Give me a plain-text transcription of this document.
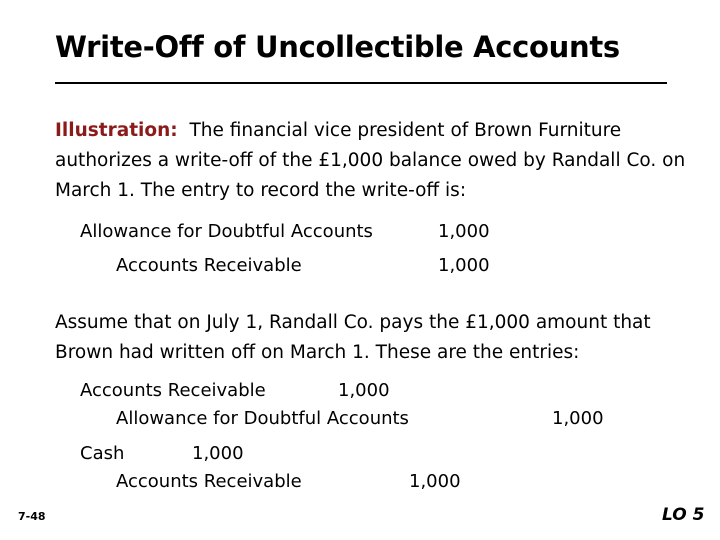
Write-Off of Uncollectible Accounts
Illustration: The financial vice president of Brown Furniture authorizes a write-off of the £1,000 balance owed by Randall Co. on March 1. The entry to record the write-off is:
Allowance for Doubtful Accounts	1,000
Accounts Receivable	1,000
Assume that on July 1, Randall Co. pays the £1,000 amount that Brown had written off on March 1. These are the entries:
Accounts Receivable	1,000
Allowance for Doubtful Accounts	1,000
Cash	1,000
Accounts Receivable	1,000
7-48	LO 5
